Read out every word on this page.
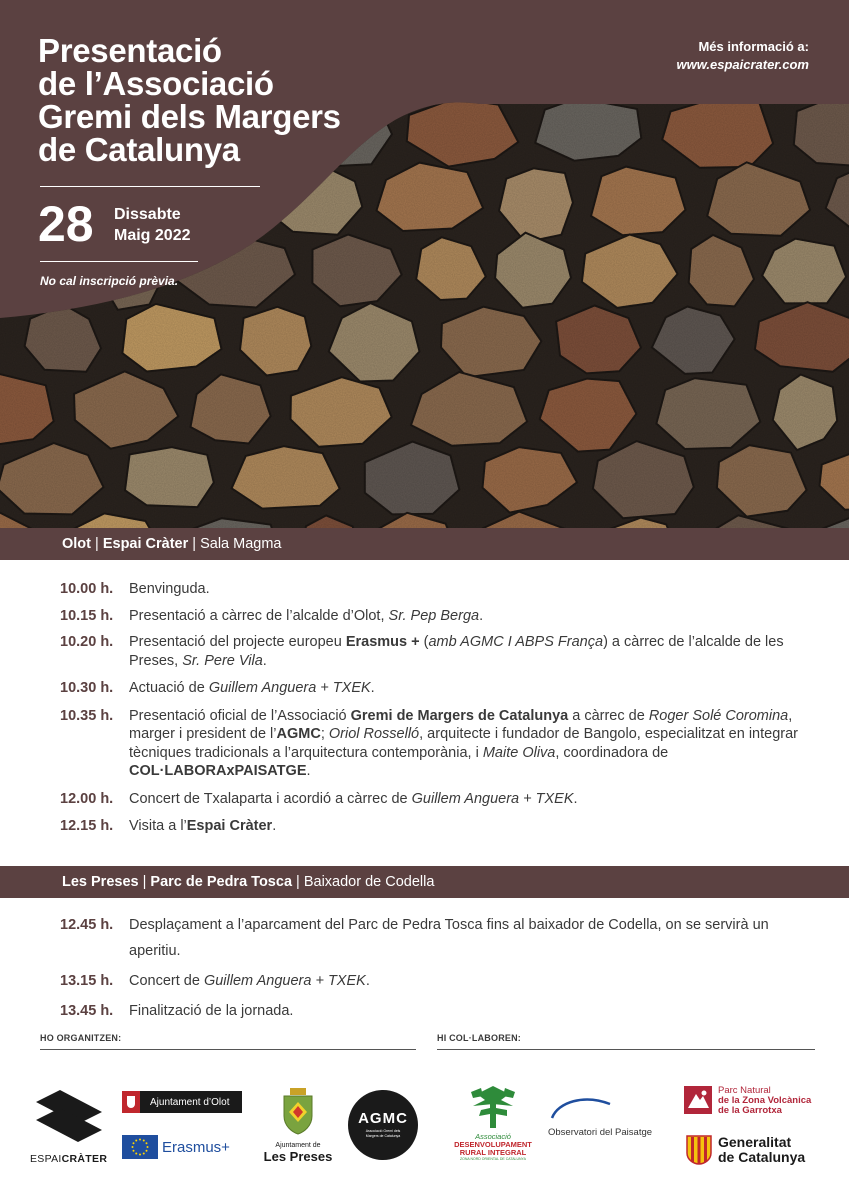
Presentació
de l’Associació
Gremi dels Margers
de Catalunya
28 Dissabte
Maig 2022
No cal inscripció prèvia.
Més informació a:
www.espaicrater.com
Olot | Espai Cràter | Sala Magma
10.00 h.	Benvinguda.
10.15 h.	Presentació a càrrec de l’alcalde d’Olot, Sr. Pep Berga.
10.20 h.	Presentació del projecte europeu Erasmus + (amb AGMC I ABPS França) a càrrec de l’alcalde de les Preses, Sr. Pere Vila.
10.30 h.	Actuació de Guillem Anguera + TXEK.
10.35 h.	Presentació oficial de l’Associació Gremi de Margers de Catalunya a càrrec de Roger Solé Coromina, marger i president de l’AGMC; Oriol Rosselló, arquitecte i fundador de Bangolo, especialitzat en integrar tècniques tradicionals a l’arquitectura contemporània, i Maite Oliva, coordinadora de COL·LABORAxPAISATGE.
12.00 h.	Concert de Txalaparta i acordió a càrrec de Guillem Anguera + TXEK.
12.15 h.	Visita a l’Espai Cràter.
Les Preses | Parc de Pedra Tosca | Baixador de Codella
12.45 h.	Desplaçament a l’aparcament del Parc de Pedra Tosca fins al baixador de Codella, on se servirà un aperitiu.
13.15 h.	Concert de Guillem Anguera + TXEK.
13.45 h.	Finalització de la jornada.
HO ORGANITZEN:	HI COL·LABOREN:
ESPAICRÀTER
Ajuntament d’Olot
Erasmus+	Ajuntament de
Les Preses
AGMC
Associació Gremi dels Margers de Catalunya	Associació
DESENVOLUPAMENT
RURAL INTEGRAL
ZONA NORD ORIENTAL DE CATALUNYA
Observatori del Paisatge
Parc Natural
de la Zona Volcànica
de la Garrotxa
Generalitat
de Catalunya
